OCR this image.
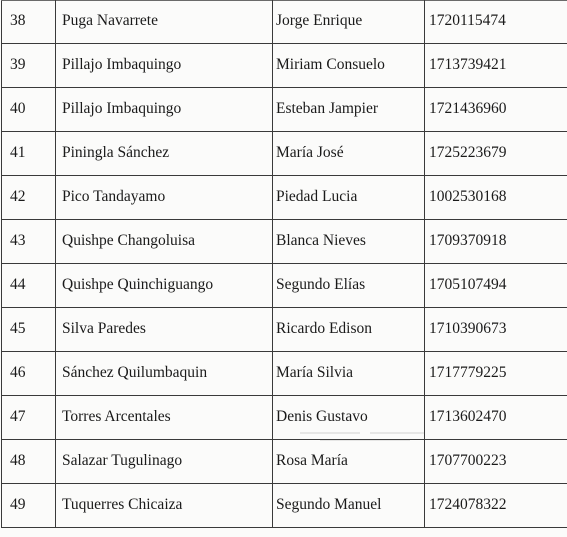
38	Puga Navarrete	Jorge Enrique	1720115474
39	Pillajo Imbaquingo	Miriam Consuelo	1713739421
40	Pillajo Imbaquingo	Esteban Jampier	1721436960
41	Piningla Sánchez	María José	1725223679
42	Pico Tandayamo	Piedad Lucia	1002530168
43	Quishpe Changoluisa	Blanca Nieves	1709370918
44	Quishpe Quinchiguango	Segundo Elías	1705107494
45	Silva Paredes	Ricardo Edison	1710390673
46	Sánchez Quilumbaquin	María Silvia	1717779225
47	Torres Arcentales	Denis Gustavo	1713602470
48	Salazar Tugulinago	Rosa María	1707700223
49	Tuquerres Chicaiza	Segundo Manuel	1724078322
